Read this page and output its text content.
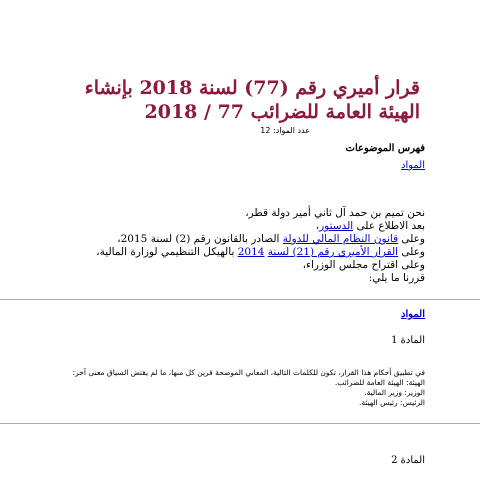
قرار أميري رقم (77) لسنة 2018 بإنشاء الهيئة العامة للضرائب 77 / 2018
عدد المواد: 12
فهرس الموضوعات
المواد
نحن تميم بن حمد آل ثاني أمير دولة قطر،
بعد الاطلاع على الدستور،
وعلى قانون النظام المالي للدولة الصادر بالقانون رقم (2) لسنة 2015،
وعلى القرار الأميري رقم (21) لسنة 2014 بالهيكل التنظيمي لوزارة المالية،
وعلى اقتراح مجلس الوزراء،
قررنا ما يلي:
المواد
المادة 1
في تطبيق أحكام هذا القرار، تكون للكلمات التالية، المعاني الموضحة قرين كل منها، ما لم يقتض السياق معنى آخر:
الهيئة: الهيئة العامة للضرائب.
الوزير: وزير المالية.
الرئيس: رئيس الهيئة.
المادة 2
